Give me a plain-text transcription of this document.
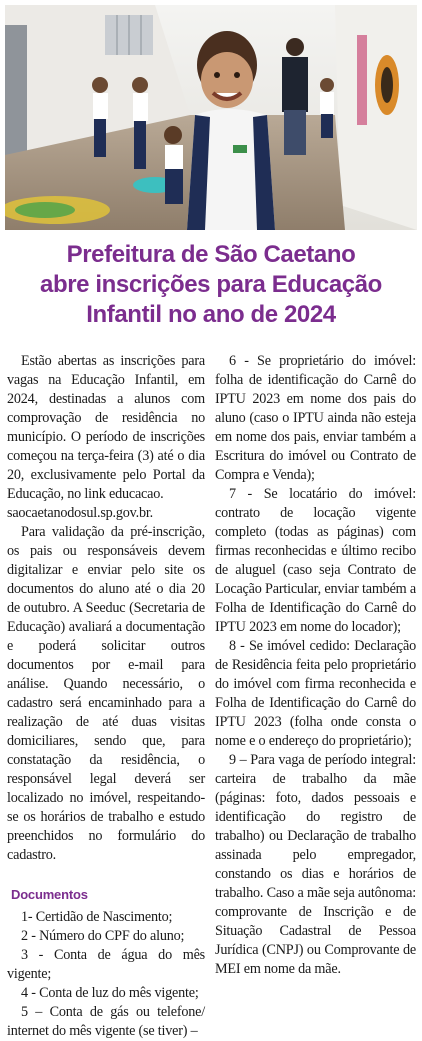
Prefeitura de São Caetano
abre inscrições para Educação
Infantil no ano de 2024

Estão abertas as inscrições para vagas na Educação Infantil, em 2024, destinadas a alunos com comprovação de residência no município. O período de inscrições começou na terça-feira (3) até o dia 20, exclusivamente pelo Portal da Educação, no link educacao.

saocaetanodosul.sp.gov.br.

Para validação da pré-inscrição, os pais ou responsáveis devem digitalizar e enviar pelo site os documentos do aluno até o dia 20 de outubro. A Seeduc (Secretaria de Educação) avaliará a documentação e poderá solicitar outros documentos por e-mail para análise. Quando necessário, o cadastro será encaminhado para a realização de até duas visitas domiciliares, sendo que, para constatação da residência, o responsável legal deverá ser localizado no imóvel, respeitando-se os horários de trabalho e estudo preenchidos no formulário do cadastro.

Documentos

1- Certidão de Nascimento;

2 - Número do CPF do aluno;

3 - Conta de água do mês vigente;

4 - Conta de luz do mês vigente;

5 – Conta de gás ou telefone/ internet do mês vigente (se tiver) –

6 - Se proprietário do imóvel: folha de identificação do Carnê do IPTU 2023 em nome dos pais do aluno (caso o IPTU ainda não esteja em nome dos pais, enviar também a Escritura do imóvel ou Contrato de Compra e Venda);

7 - Se locatário do imóvel: contrato de locação vigente completo (todas as páginas) com firmas reconhecidas e último recibo de aluguel (caso seja Contrato de Locação Particular, enviar também a Folha de Identificação do Carnê do IPTU 2023 em nome do locador);

8 - Se imóvel cedido: Declaração de Residência feita pelo proprietário do imóvel com firma reconhecida e Folha de Identificação do Carnê do IPTU 2023 (folha onde consta o nome e o endereço do proprietário);

9 – Para vaga de período integral: carteira de trabalho da mãe (páginas: foto, dados pessoais e identificação do registro de trabalho) ou Declaração de trabalho assinada pelo empregador, constando os dias e horários de trabalho. Caso a mãe seja autônoma: comprovante de Inscrição e de Situação Cadastral de Pessoa Jurídica (CNPJ) ou Comprovante de MEI em nome da mãe.
